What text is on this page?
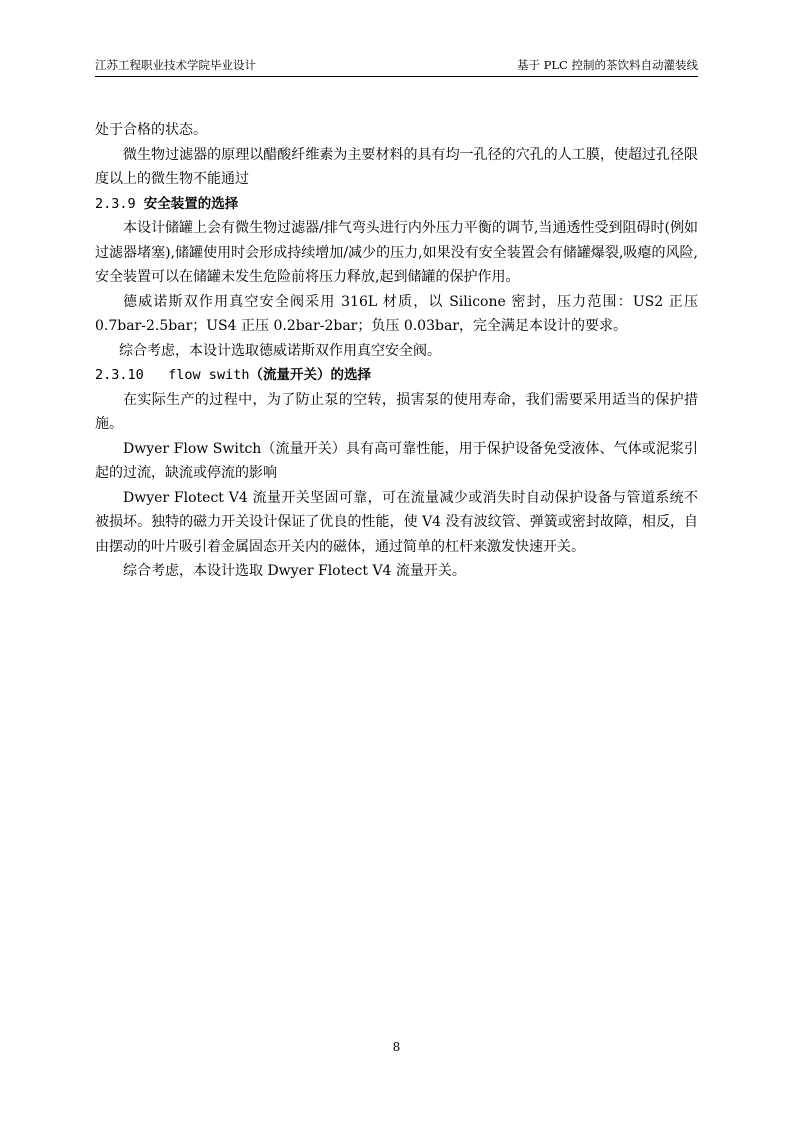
江苏工程职业技术学院毕业设计	基于 PLC 控制的茶饮料自动灌装线

处于合格的状态。

微生物过滤器的原理以醋酸纤维素为主要材料的具有均一孔径的穴孔的人工膜，使超过孔径限度以上的微生物不能通过

2.3.9 安全装置的选择

本设计储罐上会有微生物过滤器/排气弯头进行内外压力平衡的调节,当通透性受到阻碍时(例如过滤器堵塞),储罐使用时会形成持续增加/减少的压力,如果没有安全装置会有储罐爆裂,吸瘪的风险,安全装置可以在储罐未发生危险前将压力释放,起到储罐的保护作用。

德威诺斯双作用真空安全阀采用 316L 材质，以 Silicone 密封，压力范围：US2 正压 0.7bar-2.5bar；US4 正压 0.2bar-2bar；负压 0.03bar，完全满足本设计的要求。

综合考虑，本设计选取德威诺斯双作用真空安全阀。

2.3.10 flow swith（流量开关）的选择

在实际生产的过程中，为了防止泵的空转，损害泵的使用寿命，我们需要采用适当的保护措施。

Dwyer Flow Switch（流量开关）具有高可靠性能，用于保护设备免受液体、气体或泥浆引起的过流，缺流或停流的影响

Dwyer Flotect V4 流量开关坚固可靠，可在流量减少或消失时自动保护设备与管道系统不被损坏。独特的磁力开关设计保证了优良的性能，使 V4 没有波纹管、弹簧或密封故障，相反，自由摆动的叶片吸引着金属固态开关内的磁体，通过简单的杠杆来激发快速开关。

综合考虑，本设计选取 Dwyer Flotect V4 流量开关。

8
